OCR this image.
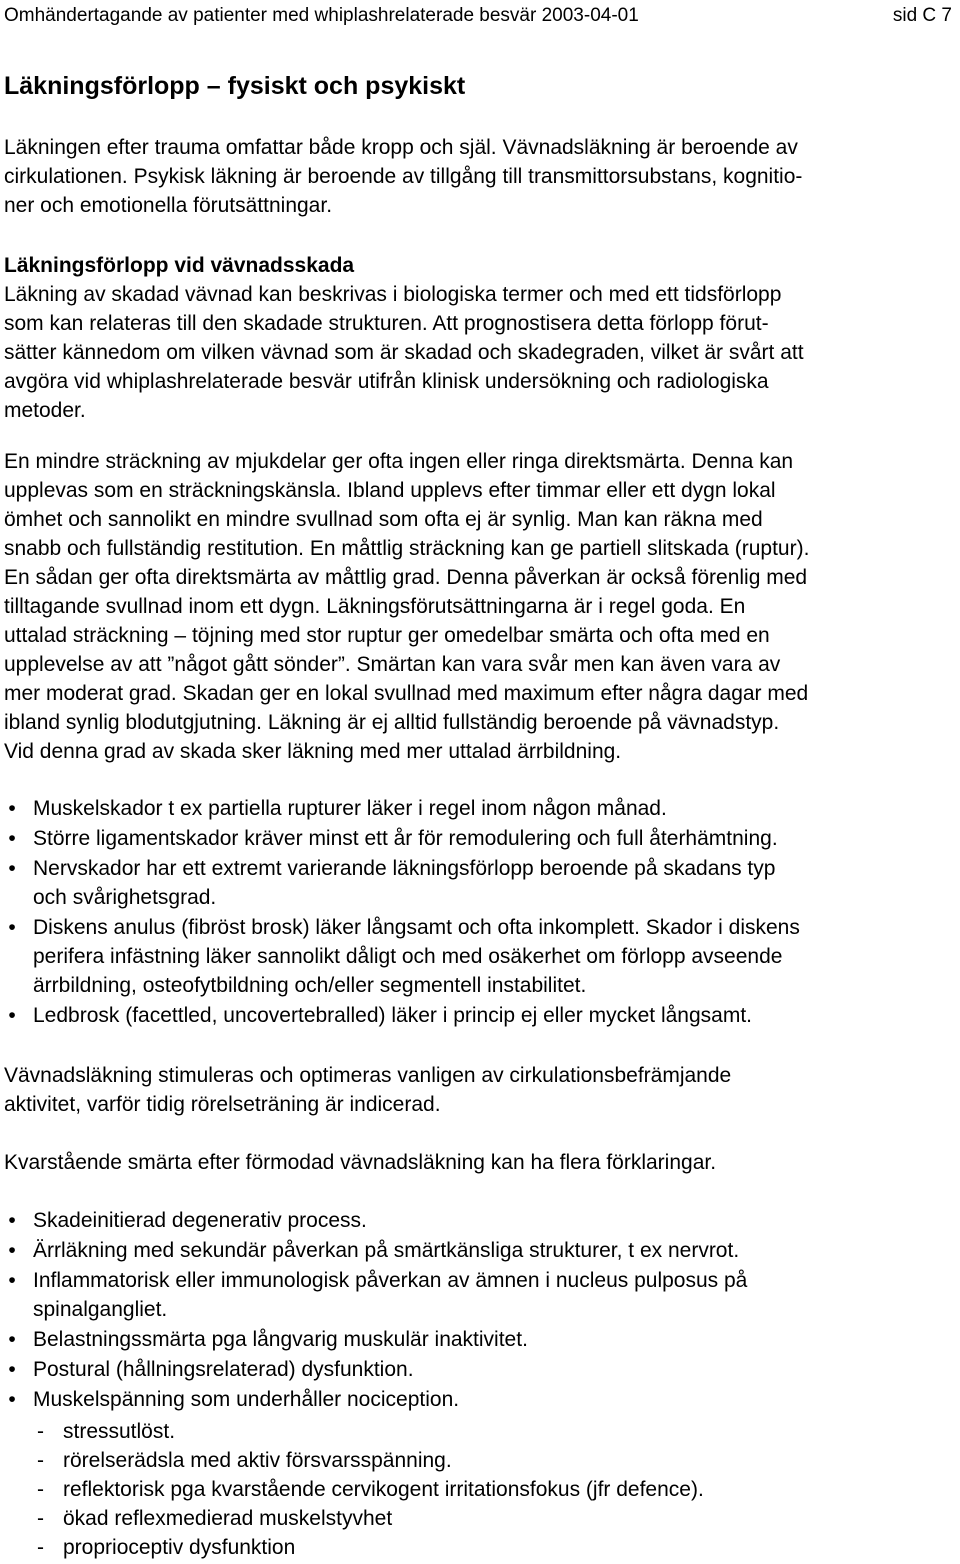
Omhändertagande av patienter med whiplashrelaterade besvär 2003-04-01	sid C 7
Läkningsförlopp – fysiskt och psykiskt

Läkningen efter trauma omfattar både kropp och själ. Vävnadsläkning är beroende av
cirkulationen. Psykisk läkning är beroende av tillgång till transmittorsubstans, kognitio-
ner och emotionella förutsättningar.

Läkningsförlopp vid vävnadsskada
Läkning av skadad vävnad kan beskrivas i biologiska termer och med ett tidsförlopp
som kan relateras till den skadade strukturen. Att prognostisera detta förlopp förut-
sätter kännedom om vilken vävnad som är skadad och skadegraden, vilket är svårt att
avgöra vid whiplashrelaterade besvär utifrån klinisk undersökning och radiologiska
metoder.

En mindre sträckning av mjukdelar ger ofta ingen eller ringa direktsmärta. Denna kan
upplevas som en sträckningskänsla. Ibland upplevs efter timmar eller ett dygn lokal
ömhet och sannolikt en mindre svullnad som ofta ej är synlig. Man kan räkna med
snabb och fullständig restitution. En måttlig sträckning kan ge partiell slitskada (ruptur).
En sådan ger ofta direktsmärta av måttlig grad. Denna påverkan är också förenlig med
tilltagande svullnad inom ett dygn. Läkningsförutsättningarna är i regel goda. En
uttalad sträckning – töjning med stor ruptur ger omedelbar smärta och ofta med en
upplevelse av att ”något gått sönder”. Smärtan kan vara svår men kan även vara av
mer moderat grad. Skadan ger en lokal svullnad med maximum efter några dagar med
ibland synlig blodutgjutning. Läkning är ej alltid fullständig beroende på vävnadstyp.
Vid denna grad av skada sker läkning med mer uttalad ärrbildning.

• Muskelskador t ex partiella rupturer läker i regel inom någon månad.
• Större ligamentskador kräver minst ett år för remodulering och full återhämtning.
• Nervskador har ett extremt varierande läkningsförlopp beroende på skadans typ
och svårighetsgrad.
• Diskens anulus (fibröst brosk) läker långsamt och ofta inkomplett. Skador i diskens
perifera infästning läker sannolikt dåligt och med osäkerhet om förlopp avseende
ärrbildning, osteofytbildning och/eller segmentell instabilitet.
• Ledbrosk (facettled, uncovertebralled) läker i princip ej eller mycket långsamt.

Vävnadsläkning stimuleras och optimeras vanligen av cirkulationsbefrämjande
aktivitet, varför tidig rörelseträning är indicerad.

Kvarstående smärta efter förmodad vävnadsläkning kan ha flera förklaringar.

• Skadeinitierad degenerativ process.
• Ärrläkning med sekundär påverkan på smärtkänsliga strukturer, t ex nervrot.
• Inflammatorisk eller immunologisk påverkan av ämnen i nucleus pulposus på
spinalgangliet.
• Belastningssmärta pga långvarig muskulär inaktivitet.
• Postural (hållningsrelaterad) dysfunktion.
• Muskelspänning som underhåller nociception.
- stressutlöst.
- rörelserädsla med aktiv försvarsspänning.
- reflektorisk pga kvarstående cervikogent irritationsfokus (jfr defence).
- ökad reflexmedierad muskelstyvhet
- proprioceptiv dysfunktion
